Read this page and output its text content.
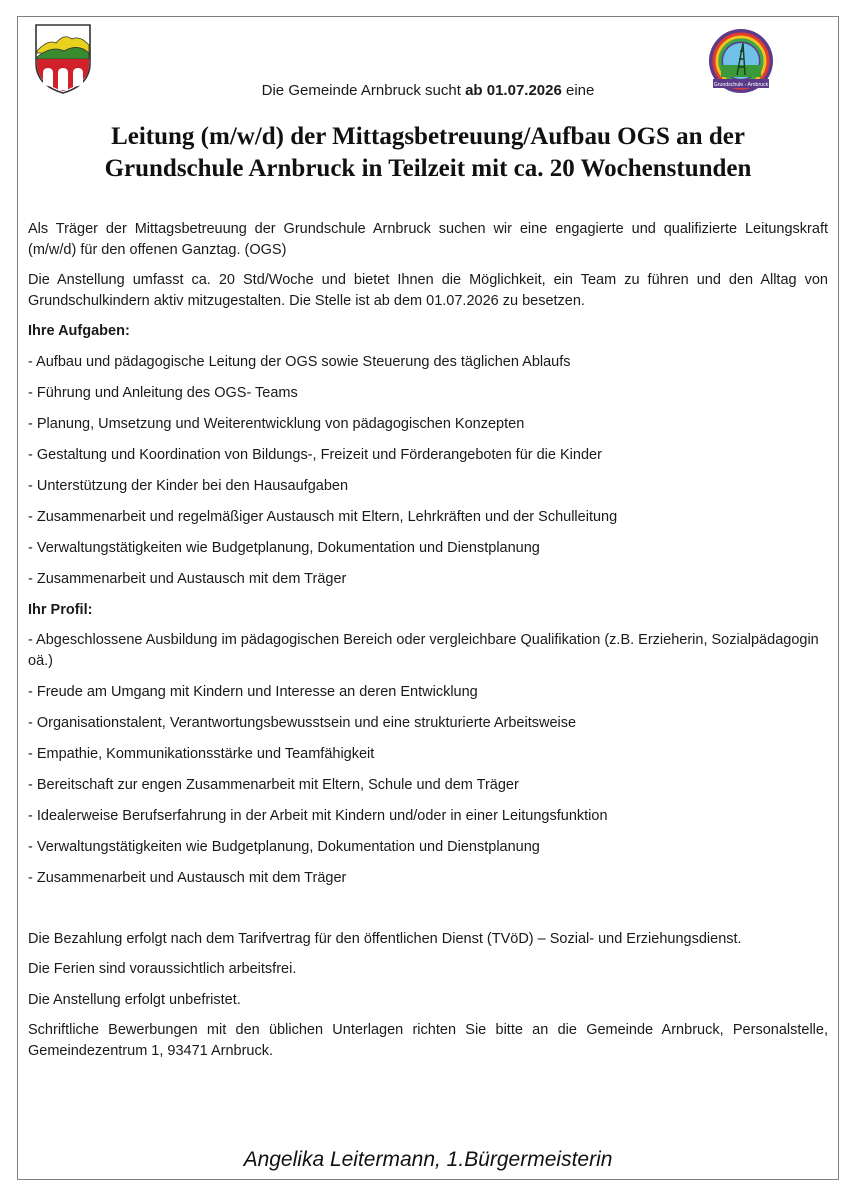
Grundschule - Arnbruck
Die Gemeinde Arnbruck sucht ab 01.07.2026 eine
Leitung (m/w/d) der Mittagsbetreuung/Aufbau OGS an der
Grundschule Arnbruck in Teilzeit mit ca. 20 Wochenstunden

Als Träger der Mittagsbetreuung der Grundschule Arnbruck suchen wir eine engagierte und qualifizierte Leitungskraft (m/w/d) für den offenen Ganztag. (OGS)

Die Anstellung umfasst ca. 20 Std/Woche und bietet Ihnen die Möglichkeit, ein Team zu führen und den Alltag von Grundschulkindern aktiv mitzugestalten. Die Stelle ist ab dem 01.07.2026 zu besetzen.

Ihre Aufgaben:

- Aufbau und pädagogische Leitung der OGS sowie Steuerung des täglichen Ablaufs
- Führung und Anleitung des OGS- Teams
- Planung, Umsetzung und Weiterentwicklung von pädagogischen Konzepten
- Gestaltung und Koordination von Bildungs-, Freizeit und Förderangeboten für die Kinder
- Unterstützung der Kinder bei den Hausaufgaben
- Zusammenarbeit und regelmäßiger Austausch mit Eltern, Lehrkräften und der Schulleitung
- Verwaltungstätigkeiten wie Budgetplanung, Dokumentation und Dienstplanung
- Zusammenarbeit und Austausch mit dem Träger

Ihr Profil:

- Abgeschlossene Ausbildung im pädagogischen Bereich oder vergleichbare Qualifikation (z.B. Erzieherin, Sozialpädagogin oä.)
- Freude am Umgang mit Kindern und Interesse an deren Entwicklung
- Organisationstalent, Verantwortungsbewusstsein und eine strukturierte Arbeitsweise
- Empathie, Kommunikationsstärke und Teamfähigkeit
- Bereitschaft zur engen Zusammenarbeit mit Eltern, Schule und dem Träger
- Idealerweise Berufserfahrung in der Arbeit mit Kindern und/oder in einer Leitungsfunktion
- Verwaltungstätigkeiten wie Budgetplanung, Dokumentation und Dienstplanung
- Zusammenarbeit und Austausch mit dem Träger

Die Bezahlung erfolgt nach dem Tarifvertrag für den öffentlichen Dienst (TVöD) – Sozial- und Erziehungsdienst.

Die Ferien sind voraussichtlich arbeitsfrei.

Die Anstellung erfolgt unbefristet.

Schriftliche Bewerbungen mit den üblichen Unterlagen richten Sie bitte an die Gemeinde Arnbruck, Personalstelle, Gemeindezentrum 1, 93471 Arnbruck.

Angelika Leitermann, 1.Bürgermeisterin
